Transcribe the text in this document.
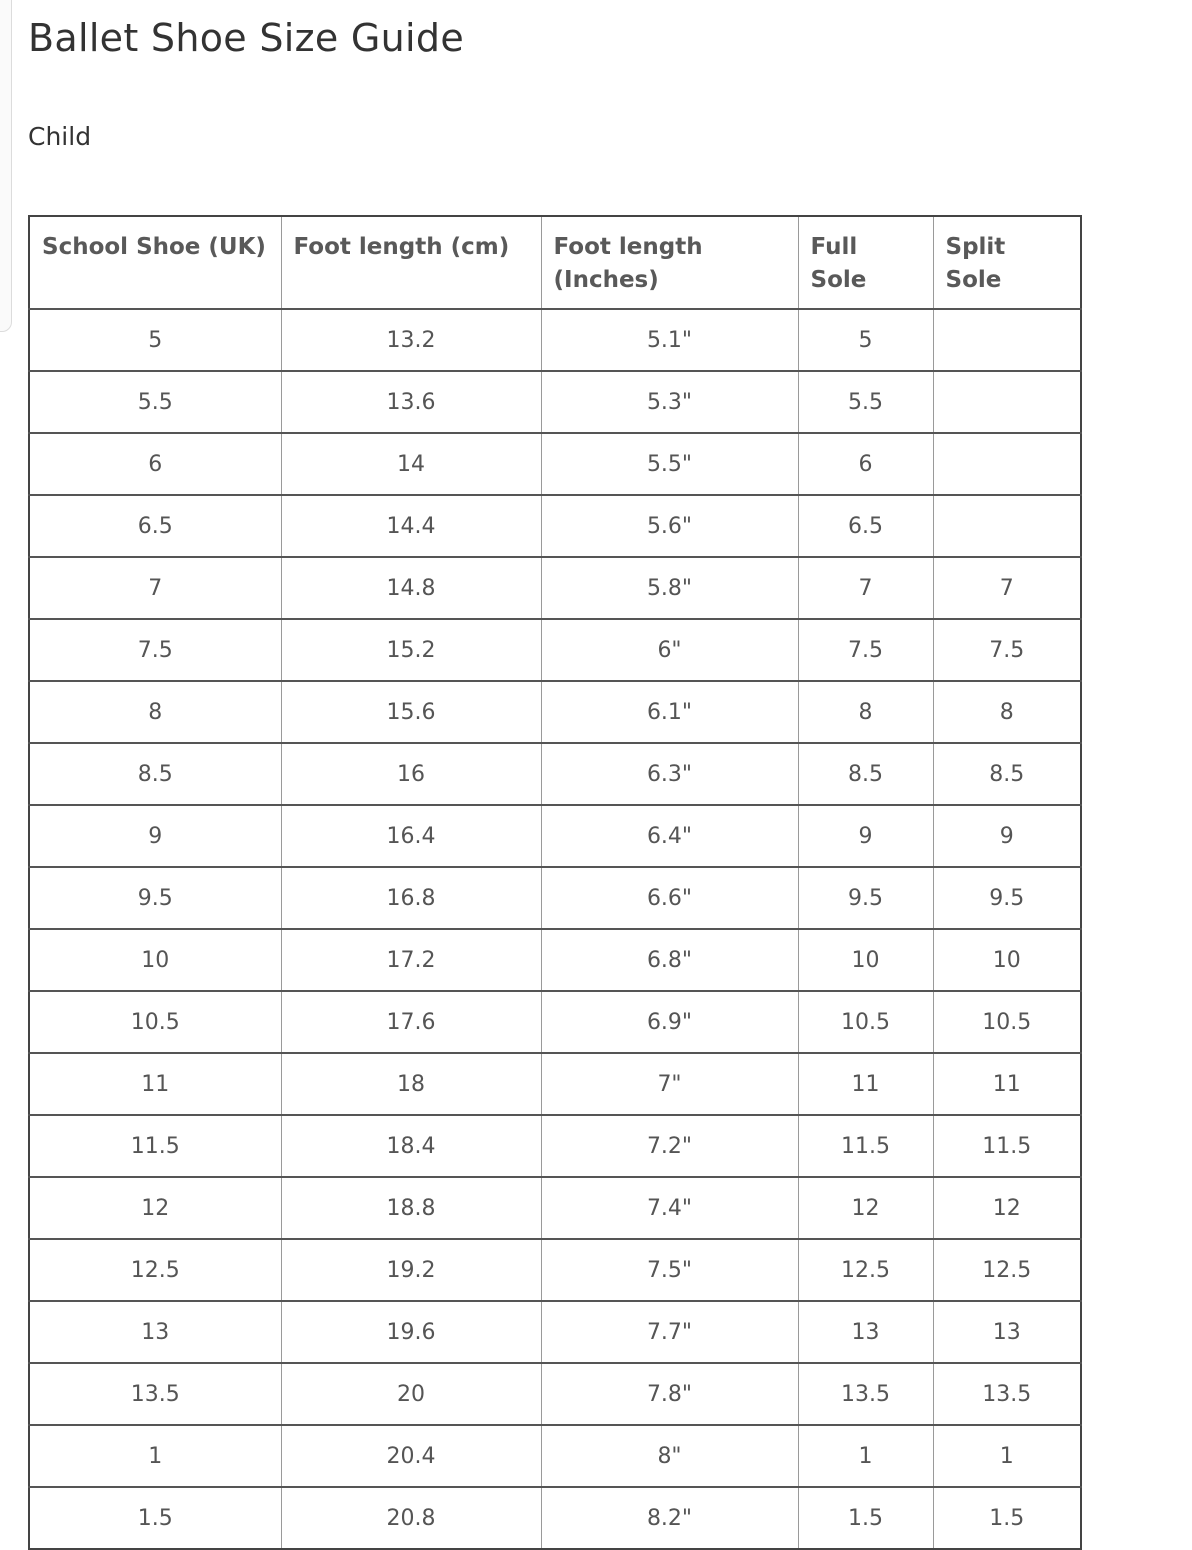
Ballet Shoe Size Guide
Child
School Shoe (UK)	Foot length (cm)	Foot length (Inches)	Full Sole	Split Sole
5	13.2	5.1"	5	
5.5	13.6	5.3"	5.5	
6	14	5.5"	6	
6.5	14.4	5.6"	6.5	
7	14.8	5.8"	7	7
7.5	15.2	6"	7.5	7.5
8	15.6	6.1"	8	8
8.5	16	6.3"	8.5	8.5
9	16.4	6.4"	9	9
9.5	16.8	6.6"	9.5	9.5
10	17.2	6.8"	10	10
10.5	17.6	6.9"	10.5	10.5
11	18	7"	11	11
11.5	18.4	7.2"	11.5	11.5
12	18.8	7.4"	12	12
12.5	19.2	7.5"	12.5	12.5
13	19.6	7.7"	13	13
13.5	20	7.8"	13.5	13.5
1	20.4	8"	1	1
1.5	20.8	8.2"	1.5	1.5
